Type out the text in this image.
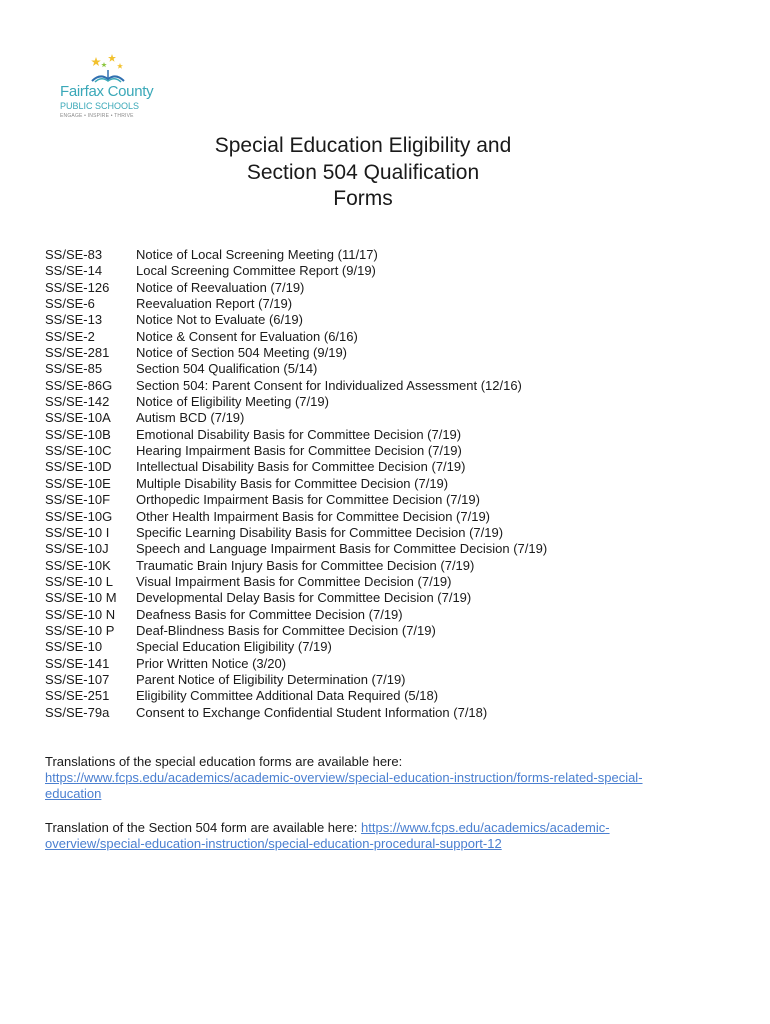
Fairfax County
PUBLIC SCHOOLS
ENGAGE • INSPIRE • THRIVE
Special Education Eligibility and
Section 504 Qualification
Forms
SS/SE-83	Notice of Local Screening Meeting (11/17)
SS/SE-14	Local Screening Committee Report (9/19)
SS/SE-126	Notice of Reevaluation (7/19)
SS/SE-6	Reevaluation Report (7/19)
SS/SE-13	Notice Not to Evaluate (6/19)
SS/SE-2	Notice & Consent for Evaluation (6/16)
SS/SE-281	Notice of Section 504 Meeting (9/19)
SS/SE-85	Section 504 Qualification (5/14)
SS/SE-86G	Section 504: Parent Consent for Individualized Assessment (12/16)
SS/SE-142	Notice of Eligibility Meeting (7/19)
SS/SE-10A	Autism BCD (7/19)
SS/SE-10B	Emotional Disability Basis for Committee Decision (7/19)
SS/SE-10C	Hearing Impairment Basis for Committee Decision (7/19)
SS/SE-10D	Intellectual Disability Basis for Committee Decision (7/19)
SS/SE-10E	Multiple Disability Basis for Committee Decision (7/19)
SS/SE-10F	Orthopedic Impairment Basis for Committee Decision (7/19)
SS/SE-10G	Other Health Impairment Basis for Committee Decision (7/19)
SS/SE-10 I	Specific Learning Disability Basis for Committee Decision (7/19)
SS/SE-10J	Speech and Language Impairment Basis for Committee Decision (7/19)
SS/SE-10K	Traumatic Brain Injury Basis for Committee Decision (7/19)
SS/SE-10 L	Visual Impairment Basis for Committee Decision (7/19)
SS/SE-10 M	Developmental Delay Basis for Committee Decision (7/19)
SS/SE-10 N	Deafness Basis for Committee Decision (7/19)
SS/SE-10 P	Deaf-Blindness Basis for Committee Decision (7/19)
SS/SE-10	Special Education Eligibility (7/19)
SS/SE-141	Prior Written Notice (3/20)
SS/SE-107	Parent Notice of Eligibility Determination (7/19)
SS/SE-251	Eligibility Committee Additional Data Required (5/18)
SS/SE-79a	Consent to Exchange Confidential Student Information (7/18)

Translations of the special education forms are available here:
https://www.fcps.edu/academics/academic-overview/special-education-instruction/forms-related-special-education

Translation of the Section 504 form are available here: https://www.fcps.edu/academics/academic-overview/special-education-instruction/special-education-procedural-support-12
